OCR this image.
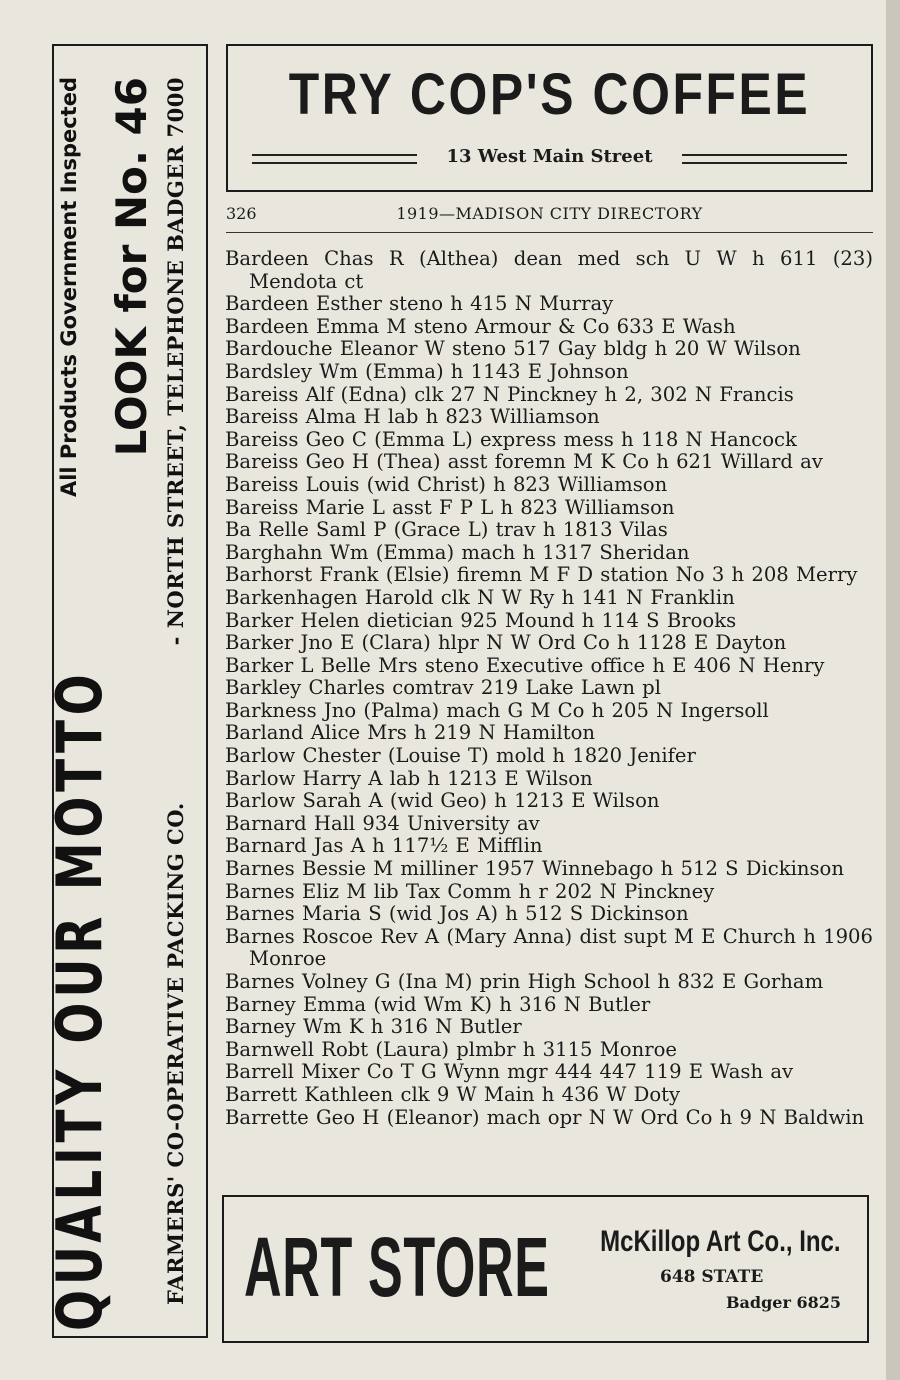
QUALITY OUR MOTTO
All Products Government Inspected LOOK for No. 46
FARMERS' CO-OPERATIVE PACKING CO.
- NORTH STREET, TELEPHONE BADGER 7000 TRY COP'S COFFEE
13 West Main Street
326	1919—MADISON CITY DIRECTORY
Bardeen Chas R (Althea) dean med sch U W h 611 (23) Mendota ct
Bardeen Esther steno h 415 N Murray
Bardeen Emma M steno Armour & Co 633 E Wash
Bardouche Eleanor W steno 517 Gay bldg h 20 W Wilson
Bardsley Wm (Emma) h 1143 E Johnson
Bareiss Alf (Edna) clk 27 N Pinckney h 2, 302 N Francis
Bareiss Alma H lab h 823 Williamson
Bareiss Geo C (Emma L) express mess h 118 N Hancock
Bareiss Geo H (Thea) asst foremn M K Co h 621 Willard av
Bareiss Louis (wid Christ) h 823 Williamson
Bareiss Marie L asst F P L h 823 Williamson
Ba Relle Saml P (Grace L) trav h 1813 Vilas
Barghahn Wm (Emma) mach h 1317 Sheridan
Barhorst Frank (Elsie) firemn M F D station No 3 h 208 Merry
Barkenhagen Harold clk N W Ry h 141 N Franklin
Barker Helen dietician 925 Mound h 114 S Brooks
Barker Jno E (Clara) hlpr N W Ord Co h 1128 E Dayton
Barker L Belle Mrs steno Executive office h E 406 N Henry
Barkley Charles comtrav 219 Lake Lawn pl
Barkness Jno (Palma) mach G M Co h 205 N Ingersoll
Barland Alice Mrs h 219 N Hamilton
Barlow Chester (Louise T) mold h 1820 Jenifer
Barlow Harry A lab h 1213 E Wilson
Barlow Sarah A (wid Geo) h 1213 E Wilson
Barnard Hall 934 University av
Barnard Jas A h 117½ E Mifflin
Barnes Bessie M milliner 1957 Winnebago h 512 S Dickinson
Barnes Eliz M lib Tax Comm h r 202 N Pinckney
Barnes Maria S (wid Jos A) h 512 S Dickinson
Barnes Roscoe Rev A (Mary Anna) dist supt M E Church h 1906 Monroe
Barnes Volney G (Ina M) prin High School h 832 E Gorham
Barney Emma (wid Wm K) h 316 N Butler
Barney Wm K h 316 N Butler
Barnwell Robt (Laura) plmbr h 3115 Monroe
Barrell Mixer Co T G Wynn mgr 444 447 119 E Wash av
Barrett Kathleen clk 9 W Main h 436 W Doty
Barrette Geo H (Eleanor) mach opr N W Ord Co h 9 N Baldwin
ART STORE McKillop Art Co., Inc.
648 STATE
Badger 6825
